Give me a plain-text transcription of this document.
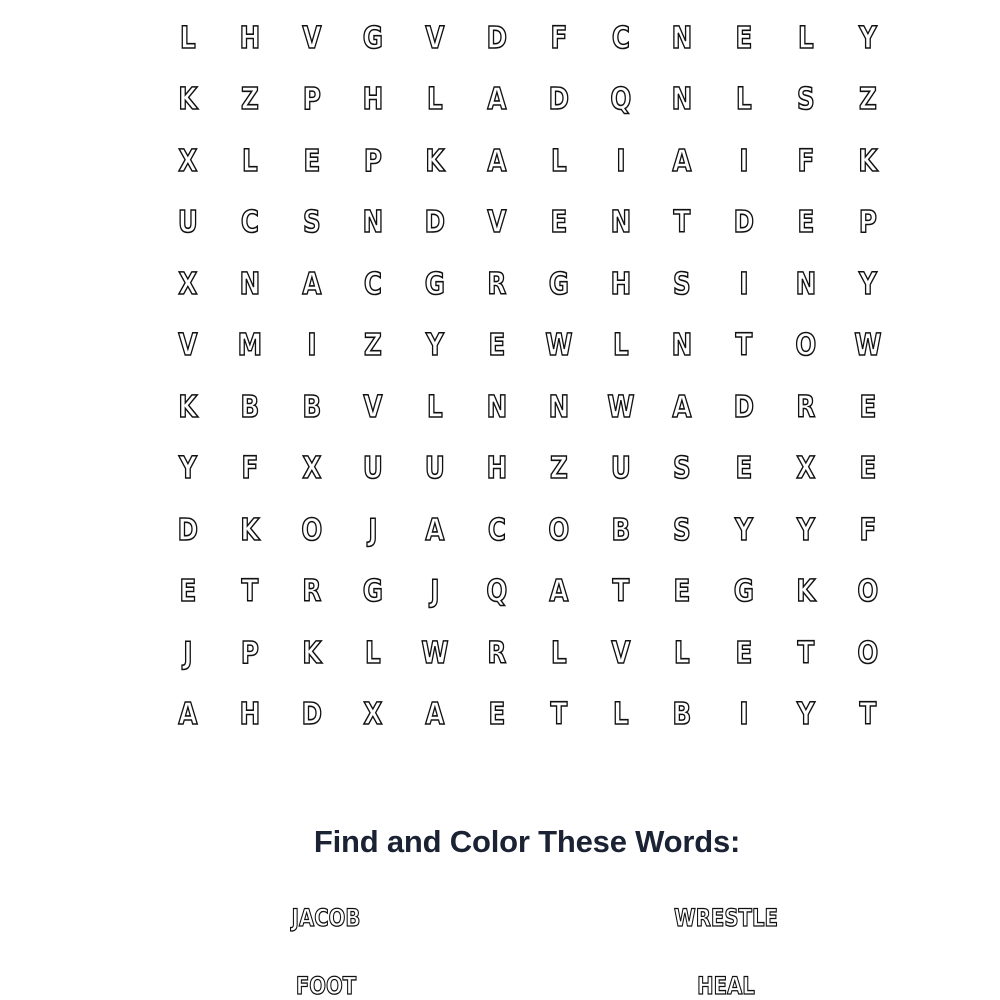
L	H	V	G	V	D	F	C	N	E	L	Y
K	Z	P	H	L	A	D	Q	N	L	S	Z
X	L	E	P	K	A	L	I	A	I	F	K
U	C	S	N	D	V	E	N	T	D	E	P
X	N	A	C	G	R	G	H	S	I	N	Y
V	M	I	Z	Y	E	W	L	N	T	O	W
K	B	B	V	L	N	N	W	A	D	R	E
Y	F	X	U	U	H	Z	U	S	E	X	E
D	K	O	J	A	C	O	B	S	Y	Y	F
E	T	R	G	J	Q	A	T	E	G	K	O
J	P	K	L	W	R	L	V	L	E	T	O
A	H	D	X	A	E	T	L	B	I	Y	T
Find and Color These Words:
JACOB	WRESTLE
FOOT	HEAL
